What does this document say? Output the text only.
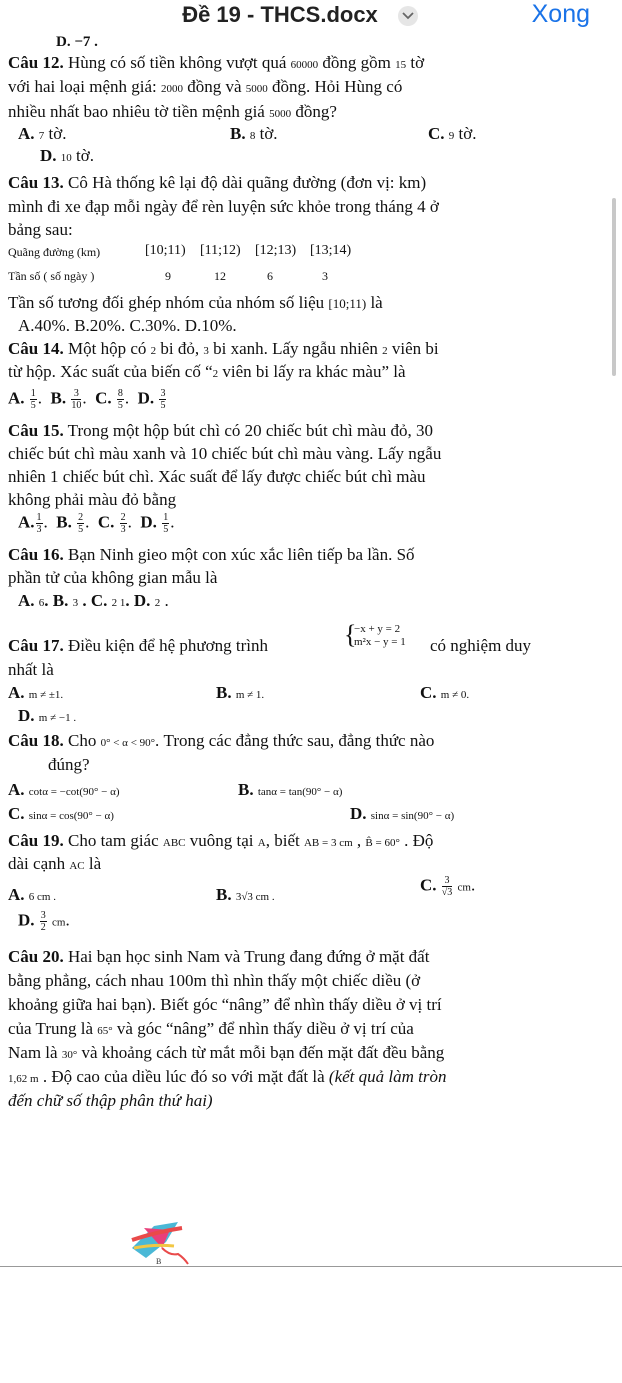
Đề 19 - THCS.docx	Xong
D. −7 .
Câu 12. Hùng có số tiền không vượt quá 60000 đồng gồm 15 tờ
với hai loại mệnh giá: 2000 đồng và 5000 đồng. Hỏi Hùng có
nhiều nhất bao nhiêu tờ tiền mệnh giá 5000 đồng?
A. 7 tờ.	B. 8 tờ.	C. 9 tờ.
D. 10 tờ.
Câu 13. Cô Hà thống kê lại độ dài quãng đường (đơn vị: km)
mình đi xe đạp mỗi ngày để rèn luyện sức khỏe trong tháng 4 ở
bảng sau:
Quãng đường (km)	[10;11) [11;12) [12;13) [13;14)
Tần số ( số ngày )	9	12	6	3
Tần số tương đối ghép nhóm của nhóm số liệu [10;11) là
A.40%. B.20%. C.30%. D.10%.
Câu 14. Một hộp có 2 bi đỏ, 3 bi xanh. Lấy ngẫu nhiên 2 viên bi
từ hộp. Xác suất của biến cố “2 viên bi lấy ra khác màu” là
A. $\frac{1}{5}$ .  B. $\frac{3}{10}$ .  C. $\frac{8}{5}$ .  D. $\frac{3}{5}$
Câu 15. Trong một hộp bút chì có 20 chiếc bút chì màu đỏ, 30
chiếc bút chì màu xanh và 10 chiếc bút chì màu vàng. Lấy ngẫu
nhiên 1 chiếc bút chì. Xác suất để lấy được chiếc bút chì màu
không phải màu đỏ bằng
A. $\frac{1}{3}$ .  B. $\frac{2}{5}$ .  C. $\frac{2}{3}$ .  D. $\frac{1}{5}$ .
Câu 16. Bạn Ninh gieo một con xúc xắc liên tiếp ba lần. Số
phần tử của không gian mẫu là
A. 6. B. 3 . C. 2 1. D. 2 .
Câu 17. Điều kiện để hệ phương trình	{
−x + y = 2
m²x − y = 1 có nghiệm duy
nhất là
A. m ≠ ±1.	B. m ≠ 1.	C. m ≠ 0.
D. m ≠ −1 .
Câu 18. Cho 0° < α < 90°. Trong các đẳng thức sau, đẳng thức nào
đúng?
A. cotα = −cot(90° − α)	B. tanα = tan(90° − α)
C. sinα = cos(90° − α)	D. sinα = sin(90° − α)
Câu 19. Cho tam giác ABC vuông tại A, biết AB = 3 cm , B̂ = 60° . Độ
dài cạnh AC là
A. 6 cm .	B. 3√3 cm .
C. $\frac{3}{√3}$ cm.
D. $\frac{3}{2}$ cm.
Câu 20. Hai bạn học sinh Nam và Trung đang đứng ở mặt đất
bằng phẳng, cách nhau 100m thì nhìn thấy một chiếc diều (ở
khoảng giữa hai bạn). Biết góc “nâng” để nhìn thấy diều ở vị trí
của Trung là 65° và góc “nâng” để nhìn thấy diều ở vị trí của
Nam là 30° và khoảng cách từ mắt mỗi bạn đến mặt đất đều bằng
1,62 m . Độ cao của diều lúc đó so với mặt đất là (kết quả làm tròn
đến chữ số thập phân thứ hai)
B
